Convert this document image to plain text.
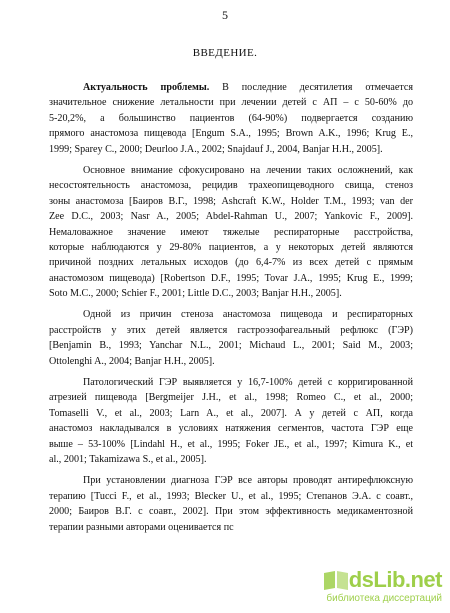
5
ВВЕДЕНИЕ.
Актуальность проблемы. В последние десятилетия отмечается
значительное снижение летальности при лечении детей с АП – с 50-60% до
5-20,2%, а большинство пациентов (64-90%) подвергается созданию
прямого анастомоза пищевода [Engum S.A., 1995; Brown A.K., 1996; Krug E.,
1999; Sparey C., 2000; Deurloo J.A., 2002; Snajdauf J., 2004, Banjar H.H., 2005].
Основное внимание сфокусировано на лечении таких осложнений, как
несостоятельность анастомоза, рецидив трахеопищеводного свища, стеноз
зоны анастомоза [Баиров В.Г., 1998; Ashcraft K.W., Holder T.M., 1993; van der
Zee D.C., 2003; Nasr A., 2005; Abdel-Rahman U., 2007; Yankovic F., 2009].
Немаловажное значение имеют тяжелые респираторные расстройства,
которые наблюдаются у 29-80% пациентов, а у некоторых детей являются
причиной поздних летальных исходов (до 6,4-7% из всех детей с прямым
анастомозом пищевода) [Robertson D.F., 1995; Tovar J.A., 1995; Krug E., 1999;
Soto M.C., 2000; Schier F., 2001; Little D.C., 2003; Banjar H.H., 2005].
Одной из причин стеноза анастомоза пищевода и респираторных
расстройств у этих детей является гастроэзофагеальный рефлюкс (ГЭР)
[Benjamin B., 1993; Yanchar N.L., 2001; Michaud L., 2001; Said M., 2003;
Ottolenghi A., 2004; Banjar H.H., 2005].
Патологический ГЭР выявляется у 16,7-100% детей с корригированной
атрезией пищевода [Bergmeijer J.H., et al., 1998; Romeo C., et al., 2000;
Tomaselli V., et al., 2003; Larn A., et al., 2007]. А у детей с АП, когда
анастомоз накладывался в условиях натяжения сегментов, частота ГЭР еще
выше – 53-100% [Lindahl H., et al., 1995; Foker JE., et al., 1997; Kimura K., et
al., 2001; Takamizawa S., et al., 2005].
При установлении диагноза ГЭР все авторы проводят антирефлюксную
терапию [Tucci F., et al., 1993; Blecker U., et al., 1995; Степанов Э.А. с соавт.,
2000; Баиров В.Г. с соавт., 2002]. При этом эффективность медикаментозной
терапии разными авторами оценивается пс
dsLib.net
библиотека диссертаций
